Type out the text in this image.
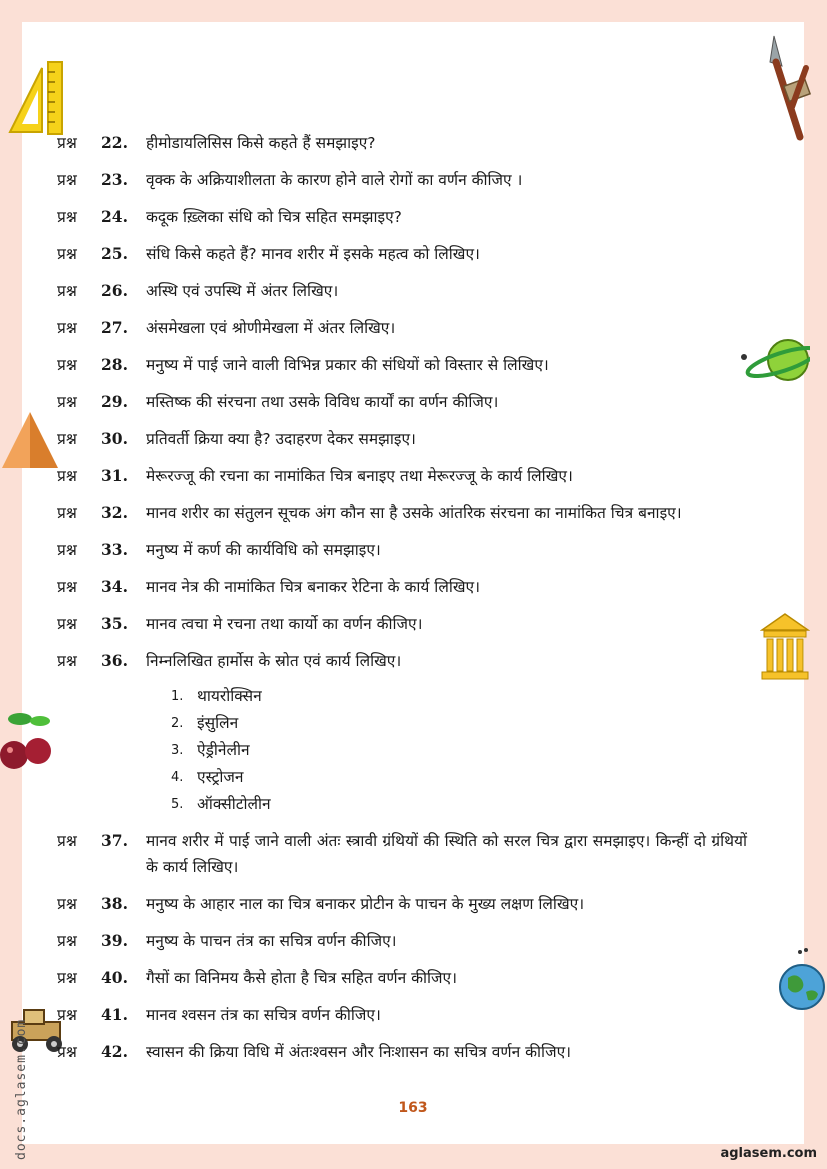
प्रश्न	22.	हीमोडायलिसिस किसे कहते हैं समझाइए?
प्रश्न	23.	वृक्क के अक्रियाशीलता के कारण होने वाले रोगों का वर्णन कीजिए ।
प्रश्न	24.	कदूक ख़्लिका संधि को चित्र सहित समझाइए?
प्रश्न	25.	संधि किसे कहते हैं? मानव शरीर में इसके महत्व को लिखिए।
प्रश्न	26.	अस्थि एवं उपस्थि में अंतर लिखिए।
प्रश्न	27.	अंसमेखला एवं श्रोणीमेखला में अंतर लिखिए।
प्रश्न	28.	मनुष्य में पाई जाने वाली विभिन्न प्रकार की संधियों को विस्तार से लिखिए।
प्रश्न	29.	मस्तिष्क की संरचना तथा उसके विविध कार्यों का वर्णन कीजिए।
प्रश्न	30.	प्रतिवर्ती क्रिया क्या है? उदाहरण देकर समझाइए।
प्रश्न	31.	मेरूरज्जू की रचना का नामांकित चित्र बनाइए तथा मेरूरज्जू के कार्य लिखिए।
प्रश्न	32.	मानव शरीर का संतुलन सूचक अंग कौन सा है उसके आंतरिक संरचना का नामांकित चित्र बनाइए।
प्रश्न	33.	मनुष्य में कर्ण की कार्यविधि को समझाइए।
प्रश्न	34.	मानव नेत्र की नामांकित चित्र बनाकर रेटिना के कार्य लिखिए।
प्रश्न	35.	मानव त्वचा मे रचना तथा कार्यो का वर्णन कीजिए।
प्रश्न	36.	निम्नलिखित हार्मोस के स्रोत एवं कार्य लिखिए।
1. थायरोक्सिन
2. इंसुलिन
3. ऐड्रीनेलीन
4. एस्ट्रोजन
5. ऑक्सीटोलीन
प्रश्न	37.	मानव शरीर में पाई जाने वाली अंतः स्त्रावी ग्रंथियों की स्थिति को सरल चित्र द्वारा समझाइए। किन्हीं दो ग्रंथियों के कार्य लिखिए।
प्रश्न	38.	मनुष्य के आहार नाल का चित्र बनाकर प्रोटीन के पाचन के मुख्य लक्षण लिखिए।
प्रश्न	39.	मनुष्य के पाचन तंत्र का सचित्र वर्णन कीजिए।
प्रश्न	40.	गैसों का विनिमय कैसे होता है चित्र सहित वर्णन कीजिए।
प्रश्न	41.	मानव श्वसन तंत्र का सचित्र वर्णन कीजिए।
प्रश्न	42.	स्वासन की क्रिया विधि में अंतःश्वसन और निःशासन का सचित्र वर्णन कीजिए।
163
aglasem.com
docs.aglasem.com
